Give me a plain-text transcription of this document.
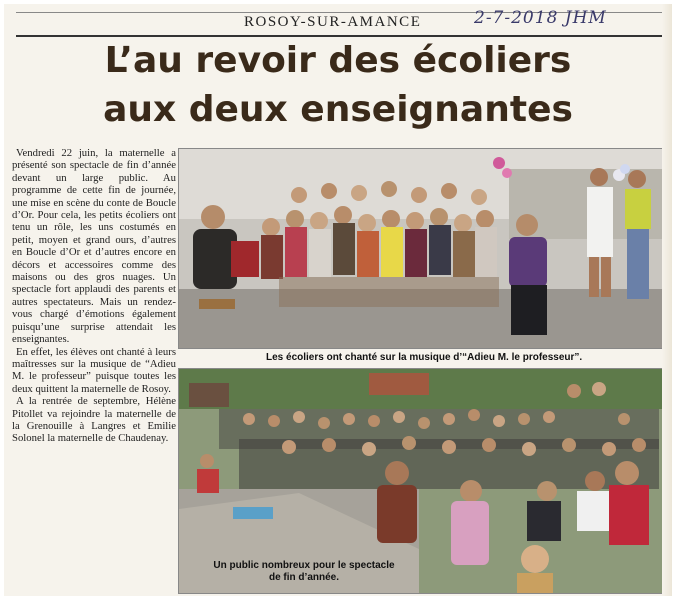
ROSOY-SUR-AMANCE	2-7-2018 JHM
L’au revoir des écoliers
aux deux enseignantes

Vendredi 22 juin, la maternelle a présenté son spectacle de fin d’année devant un large public. Au programme de cette fin de journée, une mise en scène du conte de Boucle d’Or. Pour cela, les petits écoliers ont tenu un rôle, les uns costumés en petit, moyen et grand ours, d’autres en Boucle d’Or et d’autres encore en décors et accessoires comme des maisons ou des gros nuages. Un spectacle fort applaudi des parents et autres spectateurs. Mais un rendez-vous chargé d’émotions également puisqu’une surprise attendait les enseignantes.

En effet, les élèves ont chanté à leurs maîtresses sur la musique de “Adieu M. le professeur” puisque toutes les deux quittent la maternelle de Rosoy.

A la rentrée de septembre, Hélène Pitollet va rejoindre la maternelle de la Grenouille à Langres et Emilie Solonel la maternelle de Chaudenay.

Les écoliers ont chanté sur la musique d’“Adieu M. le professeur”.
Un public nombreux pour le spectacle
de fin d’année.
